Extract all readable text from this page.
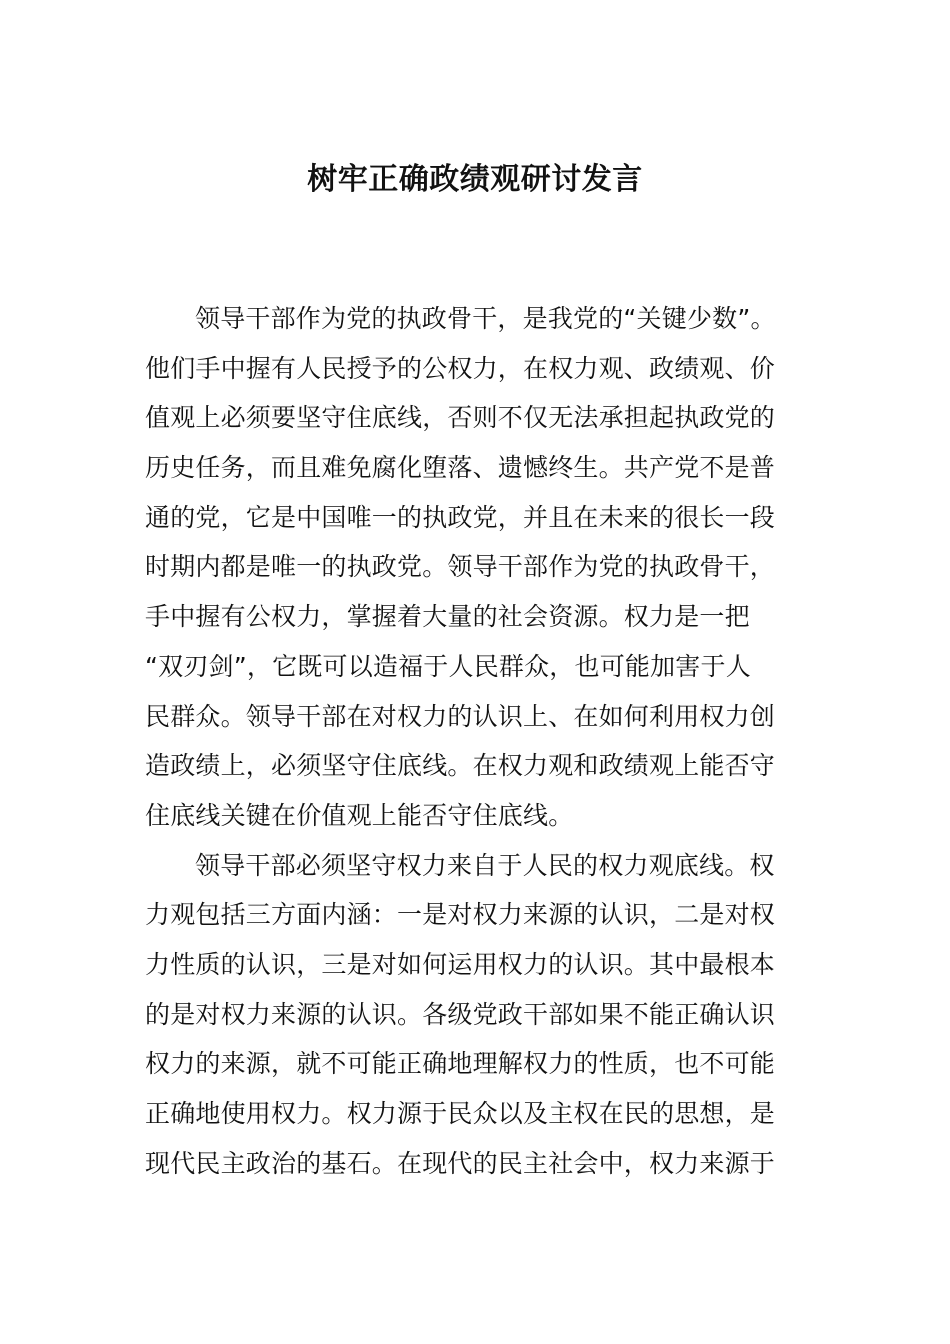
树牢正确政绩观研讨发言
领导干部作为党的执政骨干，是我党的“关键少数”。
他们手中握有人民授予的公权力，在权力观、政绩观、价
值观上必须要坚守住底线，否则不仅无法承担起执政党的
历史任务，而且难免腐化堕落、遗憾终生。共产党不是普
通的党，它是中国唯一的执政党，并且在未来的很长一段
时期内都是唯一的执政党。领导干部作为党的执政骨干，
手中握有公权力，掌握着大量的社会资源。权力是一把
“双刃剑”，它既可以造福于人民群众，也可能加害于人
民群众。领导干部在对权力的认识上、在如何利用权力创
造政绩上，必须坚守住底线。在权力观和政绩观上能否守
住底线关键在价值观上能否守住底线。
领导干部必须坚守权力来自于人民的权力观底线。权
力观包括三方面内涵：一是对权力来源的认识，二是对权
力性质的认识，三是对如何运用权力的认识。其中最根本
的是对权力来源的认识。各级党政干部如果不能正确认识
权力的来源，就不可能正确地理解权力的性质，也不可能
正确地使用权力。权力源于民众以及主权在民的思想，是
现代民主政治的基石。在现代的民主社会中，权力来源于
